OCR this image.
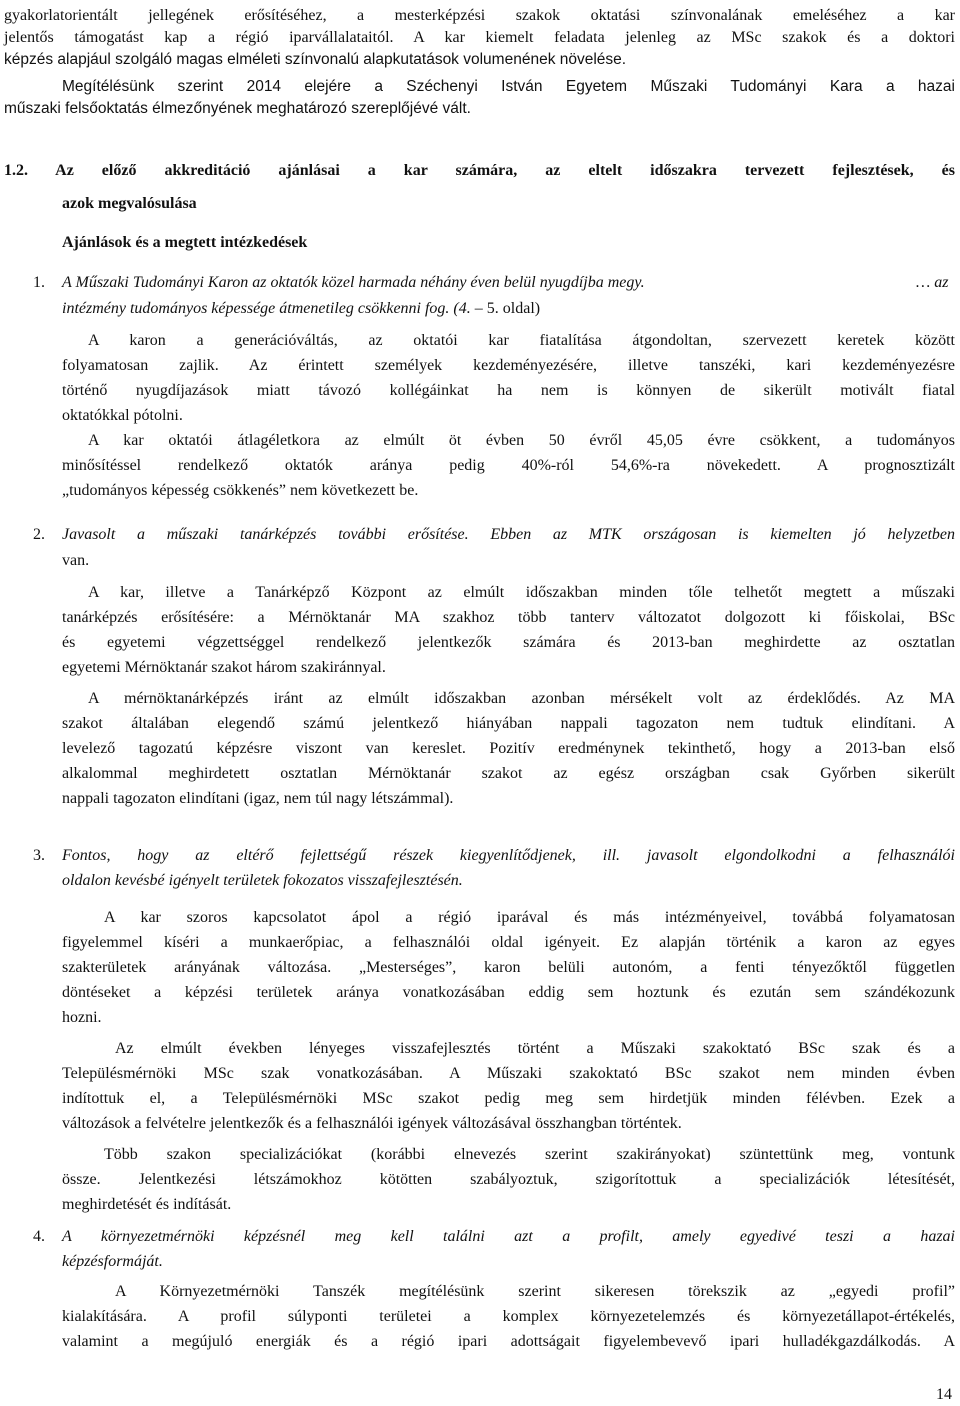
gyakorlatorientált jellegének erősítéséhez, a mesterképzési szakok oktatási színvonalának emeléséhez a kar
jelentős támogatást kap a régió iparvállalataitól. A kar kiemelt feladata jelenleg az MSc szakok és a doktori
képzés alapjául szolgáló magas elméleti színvonalú alapkutatások volumenének növelése.
Megítélésünk szerint 2014 elejére a Széchenyi István Egyetem Műszaki Tudományi Kara a hazai
műszaki felsőoktatás élmezőnyének meghatározó szereplőjévé vált.
1.2. Az előző akkreditáció ajánlásai a kar számára, az eltelt időszakra tervezett fejlesztések, és
azok megvalósulása
Ajánlások és a megtett intézkedések
1. A Műszaki Tudományi Karon az oktatók közel harmada néhány éven belül nyugdíjba megy.	… az
intézmény tudományos képessége átmenetileg csökkenni fog. (4. – 5. oldal)
A karon a generációváltás, az oktatói kar fiatalítása átgondoltan, szervezett keretek között
folyamatosan zajlik. Az érintett személyek kezdeményezésére, illetve tanszéki, kari kezdeményezésre
történő nyugdíjazások miatt távozó kollégáinkat ha nem is könnyen de sikerült motivált fiatal
oktatókkal pótolni.
A kar oktatói átlagéletkora az elmúlt öt évben 50 évről 45,05 évre csökkent, a tudományos
minősítéssel rendelkező oktatók aránya pedig 40%-ról 54,6%-ra növekedett. A prognosztizált
„tudományos képesség csökkenés” nem következett be.
2. Javasolt a műszaki tanárképzés további erősítése. Ebben az MTK országosan is kiemelten jó helyzetben
van.
A kar, illetve a Tanárképző Központ az elmúlt időszakban minden tőle telhetőt megtett a műszaki
tanárképzés erősítésére: a Mérnöktanár MA szakhoz több tanterv változatot dolgozott ki főiskolai, BSc
és egyetemi végzettséggel rendelkező jelentkezők számára és 2013-ban meghirdette az osztatlan
egyetemi Mérnöktanár szakot három szakiránnyal.
A mérnöktanárképzés iránt az elmúlt időszakban azonban mérsékelt volt az érdeklődés. Az MA
szakot általában elegendő számú jelentkező hiányában nappali tagozaton nem tudtuk elindítani. A
levelező tagozatú képzésre viszont van kereslet. Pozitív eredménynek tekinthető, hogy a 2013-ban első
alkalommal meghirdetett osztatlan Mérnöktanár szakot az egész országban csak Győrben sikerült
nappali tagozaton elindítani (igaz, nem túl nagy létszámmal).
3. Fontos, hogy az eltérő fejlettségű részek kiegyenlítődjenek, ill. javasolt elgondolkodni a felhasználói
oldalon kevésbé igényelt területek fokozatos visszafejlesztésén.
A kar szoros kapcsolatot ápol a régió iparával és más intézményeivel, továbbá folyamatosan
figyelemmel kíséri a munkaerőpiac, a felhasználói oldal igényeit. Ez alapján történik a karon az egyes
szakterületek arányának változása. „Mesterséges”, karon belüli autonóm, a fenti tényezőktől független
döntéseket a képzési területek aránya vonatkozásában eddig sem hoztunk és ezután sem szándékozunk
hozni.
Az elmúlt években lényeges visszafejlesztés történt a Műszaki szakoktató BSc szak és a
Településmérnöki MSc szak vonatkozásában. A Műszaki szakoktató BSc szakot nem minden évben
indítottuk el, a Településmérnöki MSc szakot pedig meg sem hirdetjük minden félévben. Ezek a
változások a felvételre jelentkezők és a felhasználói igények változásával összhangban történtek.
Több szakon specializációkat (korábbi elnevezés szerint szakirányokat) szüntettünk meg, vontunk
össze. Jelentkezési létszámokhoz kötötten szabályoztuk, szigorítottuk a specializációk létesítését,
meghirdetését és indítását.
4. A környezetmérnöki képzésnél meg kell találni azt a profilt, amely egyedivé teszi a hazai
képzésformáját.
A Környezetmérnöki Tanszék megítélésünk szerint sikeresen törekszik az „egyedi profil”
kialakítására. A profil súlyponti területei a komplex környezetelemzés és környezetállapot-értékelés,
valamint a megújuló energiák és a régió ipari adottságait figyelembevevő ipari hulladékgazdálkodás. A
14
